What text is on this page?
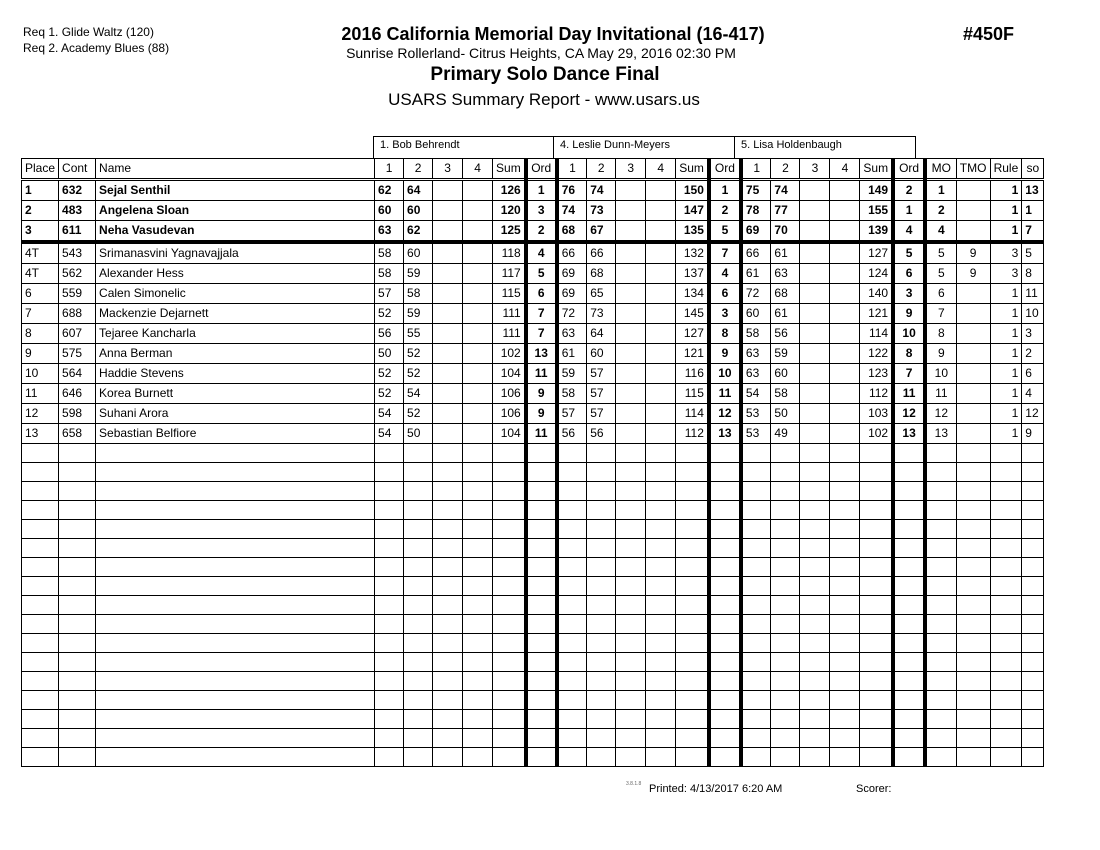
Req 1. Glide Waltz (120)
Req 2. Academy Blues (88)
2016 California Memorial Day Invitational (16-417)
Sunrise Rollerland- Citrus Heights, CA May 29, 2016 02:30 PM
Primary Solo Dance Final
USARS Summary Report - www.usars.us
#450F
1. Bob Behrendt	4. Leslie Dunn-Meyers	5. Lisa Holdenbaugh
Place	Cont	Name	1	2	3	4	Sum	Ord	1	2	3	4	Sum	Ord	1	2	3	4	Sum	Ord	MO	TMO	Rule	so
1	632	Sejal Senthil	62	64			126	1	76	74			150	1	75	74			149	2	1		1	13
2	483	Angelena Sloan	60	60			120	3	74	73			147	2	78	77			155	1	2		1	1
3	611	Neha Vasudevan	63	62			125	2	68	67			135	5	69	70			139	4	4		1	7
4T	543	Srimanasvini Yagnavajjala	58	60			118	4	66	66			132	7	66	61			127	5	5	9	3	5
4T	562	Alexander Hess	58	59			117	5	69	68			137	4	61	63			124	6	5	9	3	8
6	559	Calen Simonelic	57	58			115	6	69	65			134	6	72	68			140	3	6		1	11
7	688	Mackenzie Dejarnett	52	59			111	7	72	73			145	3	60	61			121	9	7		1	10
8	607	Tejaree Kancharla	56	55			111	7	63	64			127	8	58	56			114	10	8		1	3
9	575	Anna Berman	50	52			102	13	61	60			121	9	63	59			122	8	9		1	2
10	564	Haddie Stevens	52	52			104	11	59	57			116	10	63	60			123	7	10		1	6
11	646	Korea Burnett	52	54			106	9	58	57			115	11	54	58			112	11	11		1	4
12	598	Suhani Arora	54	52			106	9	57	57			114	12	53	50			103	12	12		1	12
13	658	Sebastian Belfiore	54	50			104	11	56	56			112	13	53	49			102	13	13		1	9

3.8.1.8 Printed: 4/13/2017 6:20 AM	Scorer:
